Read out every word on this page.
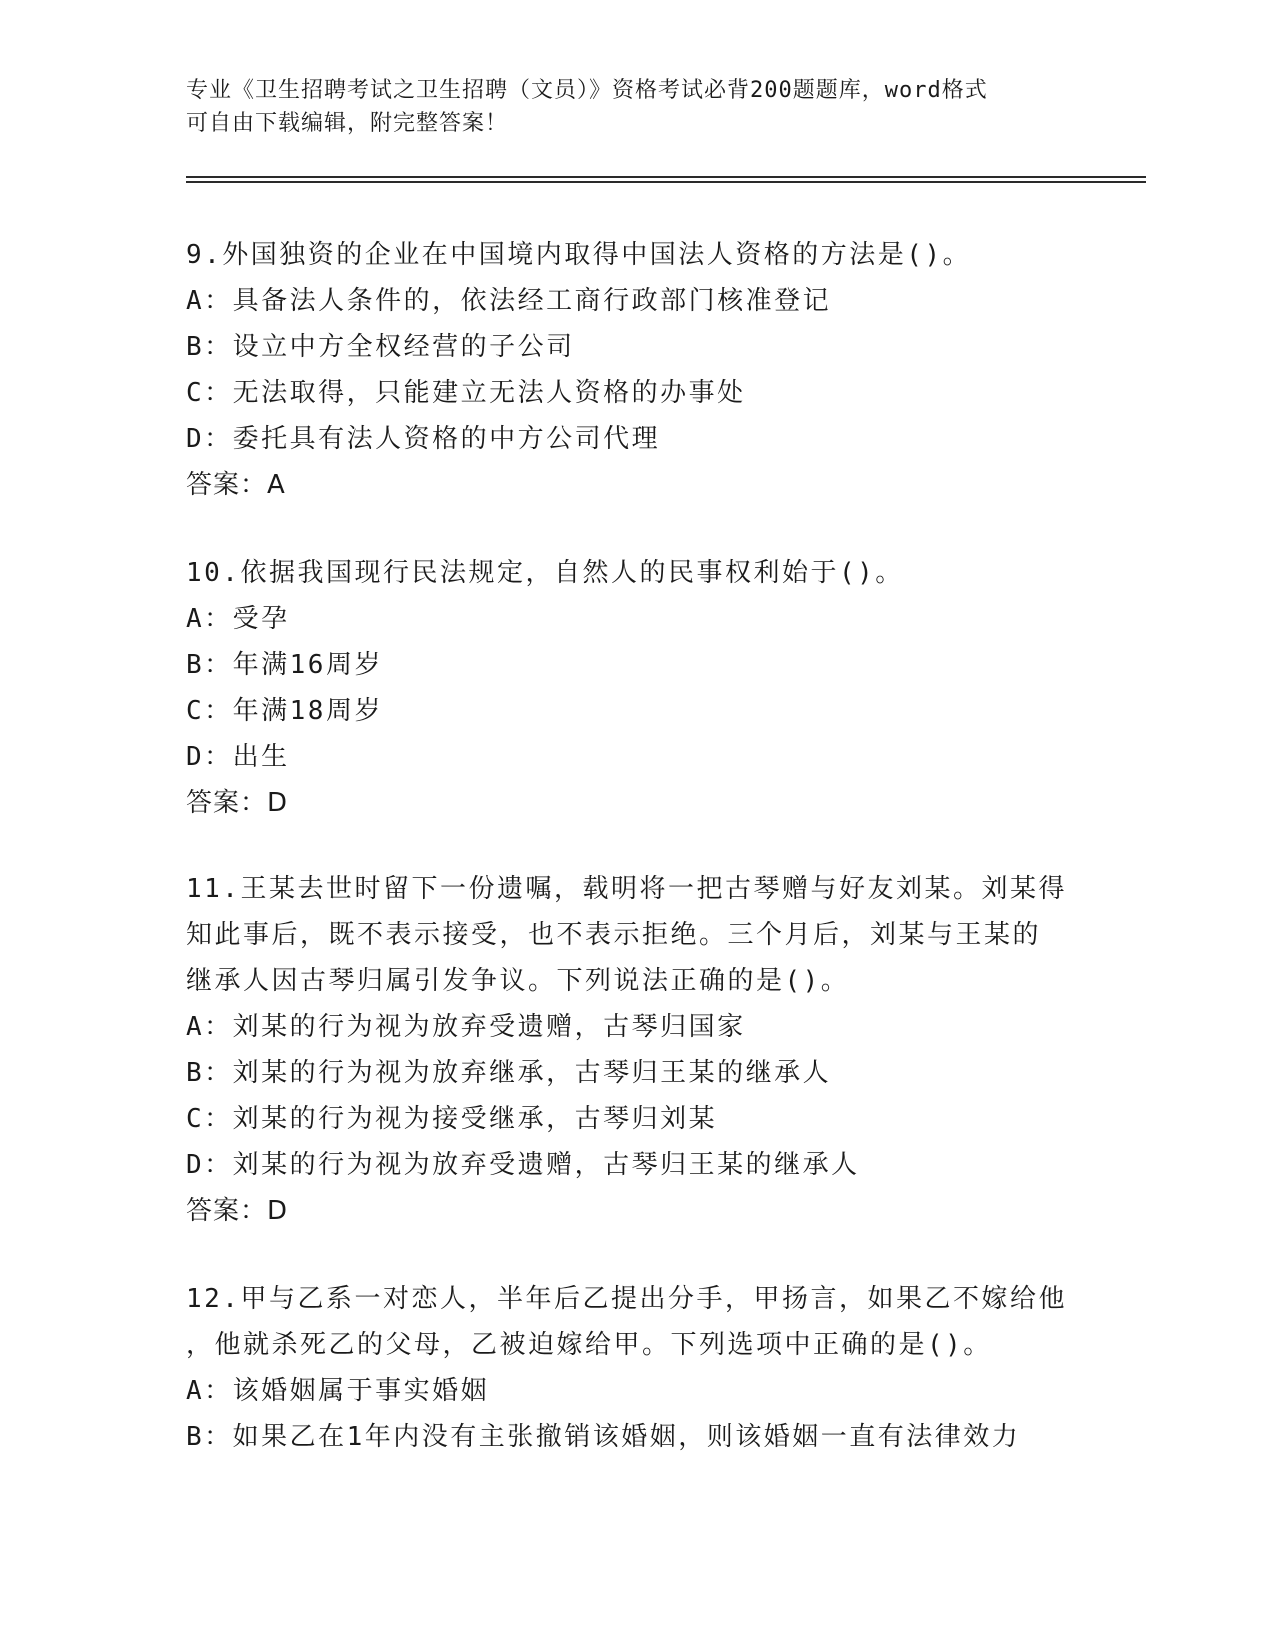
专业《卫生招聘考试之卫生招聘（文员）》资格考试必背200题题库，word格式
可自由下载编辑，附完整答案！
9.外国独资的企业在中国境内取得中国法人资格的方法是()。
A：具备法人条件的，依法经工商行政部门核准登记
B：设立中方全权经营的子公司
C：无法取得，只能建立无法人资格的办事处
D：委托具有法人资格的中方公司代理
答案：A
10.依据我国现行民法规定，自然人的民事权利始于()。
A：受孕
B：年满16周岁
C：年满18周岁
D：出生
答案：D
11.王某去世时留下一份遗嘱，载明将一把古琴赠与好友刘某。刘某得
知此事后，既不表示接受，也不表示拒绝。三个月后，刘某与王某的
继承人因古琴归属引发争议。下列说法正确的是()。
A：刘某的行为视为放弃受遗赠，古琴归国家
B：刘某的行为视为放弃继承，古琴归王某的继承人
C：刘某的行为视为接受继承，古琴归刘某
D：刘某的行为视为放弃受遗赠，古琴归王某的继承人
答案：D
12.甲与乙系一对恋人，半年后乙提出分手，甲扬言，如果乙不嫁给他
，他就杀死乙的父母，乙被迫嫁给甲。下列选项中正确的是()。
A：该婚姻属于事实婚姻
B：如果乙在1年内没有主张撤销该婚姻，则该婚姻一直有法律效力
